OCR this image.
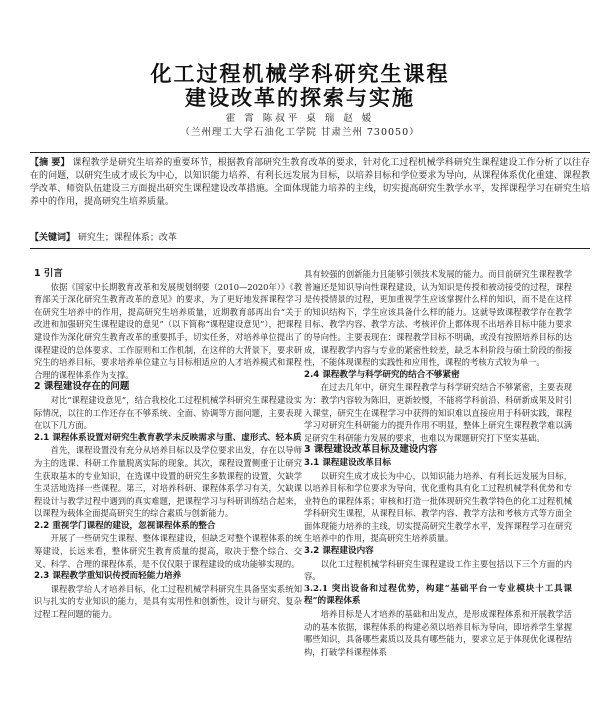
化工过程机械学科研究生课程
建设改革的探索与实施
霍 霄 陈叔平 桌 瑞 赵 媛
（兰州理工大学石油化工学院 甘肃兰州 730050）
【摘 要】 课程教学是研究生培养的重要环节，根据教育部研究生教育改革的要求，针对化工过程机械学科研究生课程建设工作分析了以往存在的问题，以研究生成才成长为中心，以知识能力培养、有利长远发展为目标，以培养目标和学位要求为导向，从课程体系优化重建、课程教学改革、师资队伍建设三方面提出研究生课程建设改革措施。全面体现能力培养的主线，切实提高研究生教学水平，发挥课程学习在研究生培养中的作用，提高研究生培养质量。
【关键词】 研究生；课程体系；改革

1 引言

依据《国家中长期教育改革和发展规划纲要（2010—2020年）》《教育部关于深化研究生教育改革的意见》的要求，为了更好地发挥课程学习在研究生培养中的作用，提高研究生培养质量，近期教育部再出台“关于改进和加强研究生课程建设的意见”（以下简称“课程建设意见”），把课程建设作为深化研究生教育改革的重要抓手，切实任务，对培养单位提出了课程建设的总体要求、工作原则和工作机制，在这样的大背景下，要求研究生的培养目标，要求培养单位建立与目标相适应的人才培养模式和课程合理的课程体系作为支撑。

2 课程建设存在的问题

对比“课程建设意见”，结合我校化工过程机械学科研究生课程建设实际情况，以往的工作还存在不够系统、全面、协调等方面问题，主要表现在以下几方面。

2.1 课程体系设置对研究生教育教学未反映需求与重、虚形式、轻本质

首先，课程设置没有充分从培养目标以及学位要求出发，存在以导师为主的选课、科研工作量脱离实际的现象。其次，课程设置侧重于让研究生获取基本的专业知识，在选课中设置的研究生多数课程的设置，欠缺学生灵活地选择一些课程。第三，对培养科研、课程体系学习有关，欠缺课程设计与教学过程中遇到的真实难题，把课程学习与科研训练结合起来，以课程为载体全面提高研究生的综合素质与创新能力。

2.2 重视学门课程的建设，忽视课程体系的整合

开展了一些研究生课程、整体课程建设，但缺乏对整个课程体系的统筹建设，长远来看，整体研究生教育质量的提高，取决于整个综合、交叉、科学、合理的课程体系，是不仅仅限于课程建设的成功能够实现的。

2.3 课程教学重知识传授而轻能力培养

课程教学给人才培养目标，化工过程机械学科研究生具备坚实系统知识与扎实的专业知识的能力，是具有实用性和创新性，设计与研究、复杂过程工程问题的能力。

具有较强的创新能力且能够引领技术发展的能力。而目前研究生课程教学普遍还是知识导向性课程建设，认为知识是传授和被动接受的过程，课程是传授情景的过程，更加重视学生应该掌握什么样的知识，而不是在这样的知识结构下，学生应该具备什么样的能力。这就导致课程教学存在教学目标、教学内容、教学方法、考核评价上都体现不出培养目标中能力要求的导向性。主要表现在：课程教学目标不明确，或没有按照培养目标的达成，课程教学内容与专业的紧密性较差，缺乏本科阶段与硕士阶段的衔接性，不能体现课程的实践性和应用性，课程的考核方式较为单一。

2.4 课程教学与科学研究的结合不够紧密

在过去几年中，研究生课程教学与科学研究结合不够紧密，主要表现为：教学内容较为陈旧，更新较慢，不能将学科前沿、科研新成果及时引入课堂，研究生在课程学习中获得的知识难以直接应用于科研实践，课程学习对研究生科研能力的提升作用不明显，整体上研究生课程教学难以满足研究生科研能力发展的要求，也难以为课题研究打下坚实基础。

3 课程建设改革目标及建设内容

3.1 课程建设改革目标

以研究生成才成长为中心，以知识能力培养、有利长远发展为目标，以培养目标和学位要求为导向，优化重构具有化工过程机械学科优势和专业特色的课程体系；审核和打造一批体现研究生教学特色的化工过程机械学科研究生课程，从课程目标、教学内容、教学方法和考核方式等方面全面体现能力培养的主线，切实提高研究生教学水平，发挥课程学习在研究生培养中的作用，提高研究生培养质量。

3.2 课程建设内容

以化工过程机械学科研究生课程建设工作主要包括以下三个方面的内容。

3.2.1 突出设备和过程优势，构建“基础平台一专业模块十工具课程”的课程体系

培养目标是人才培养的基础和出发点，是形成课程体系和开展教学活动的基本依据，课程体系的构建必须以培养目标为导向，即培养学生掌握哪些知识，具备哪些素质以及具有哪些能力，要求立足于体现优化课程结构，打破学科课程体系
